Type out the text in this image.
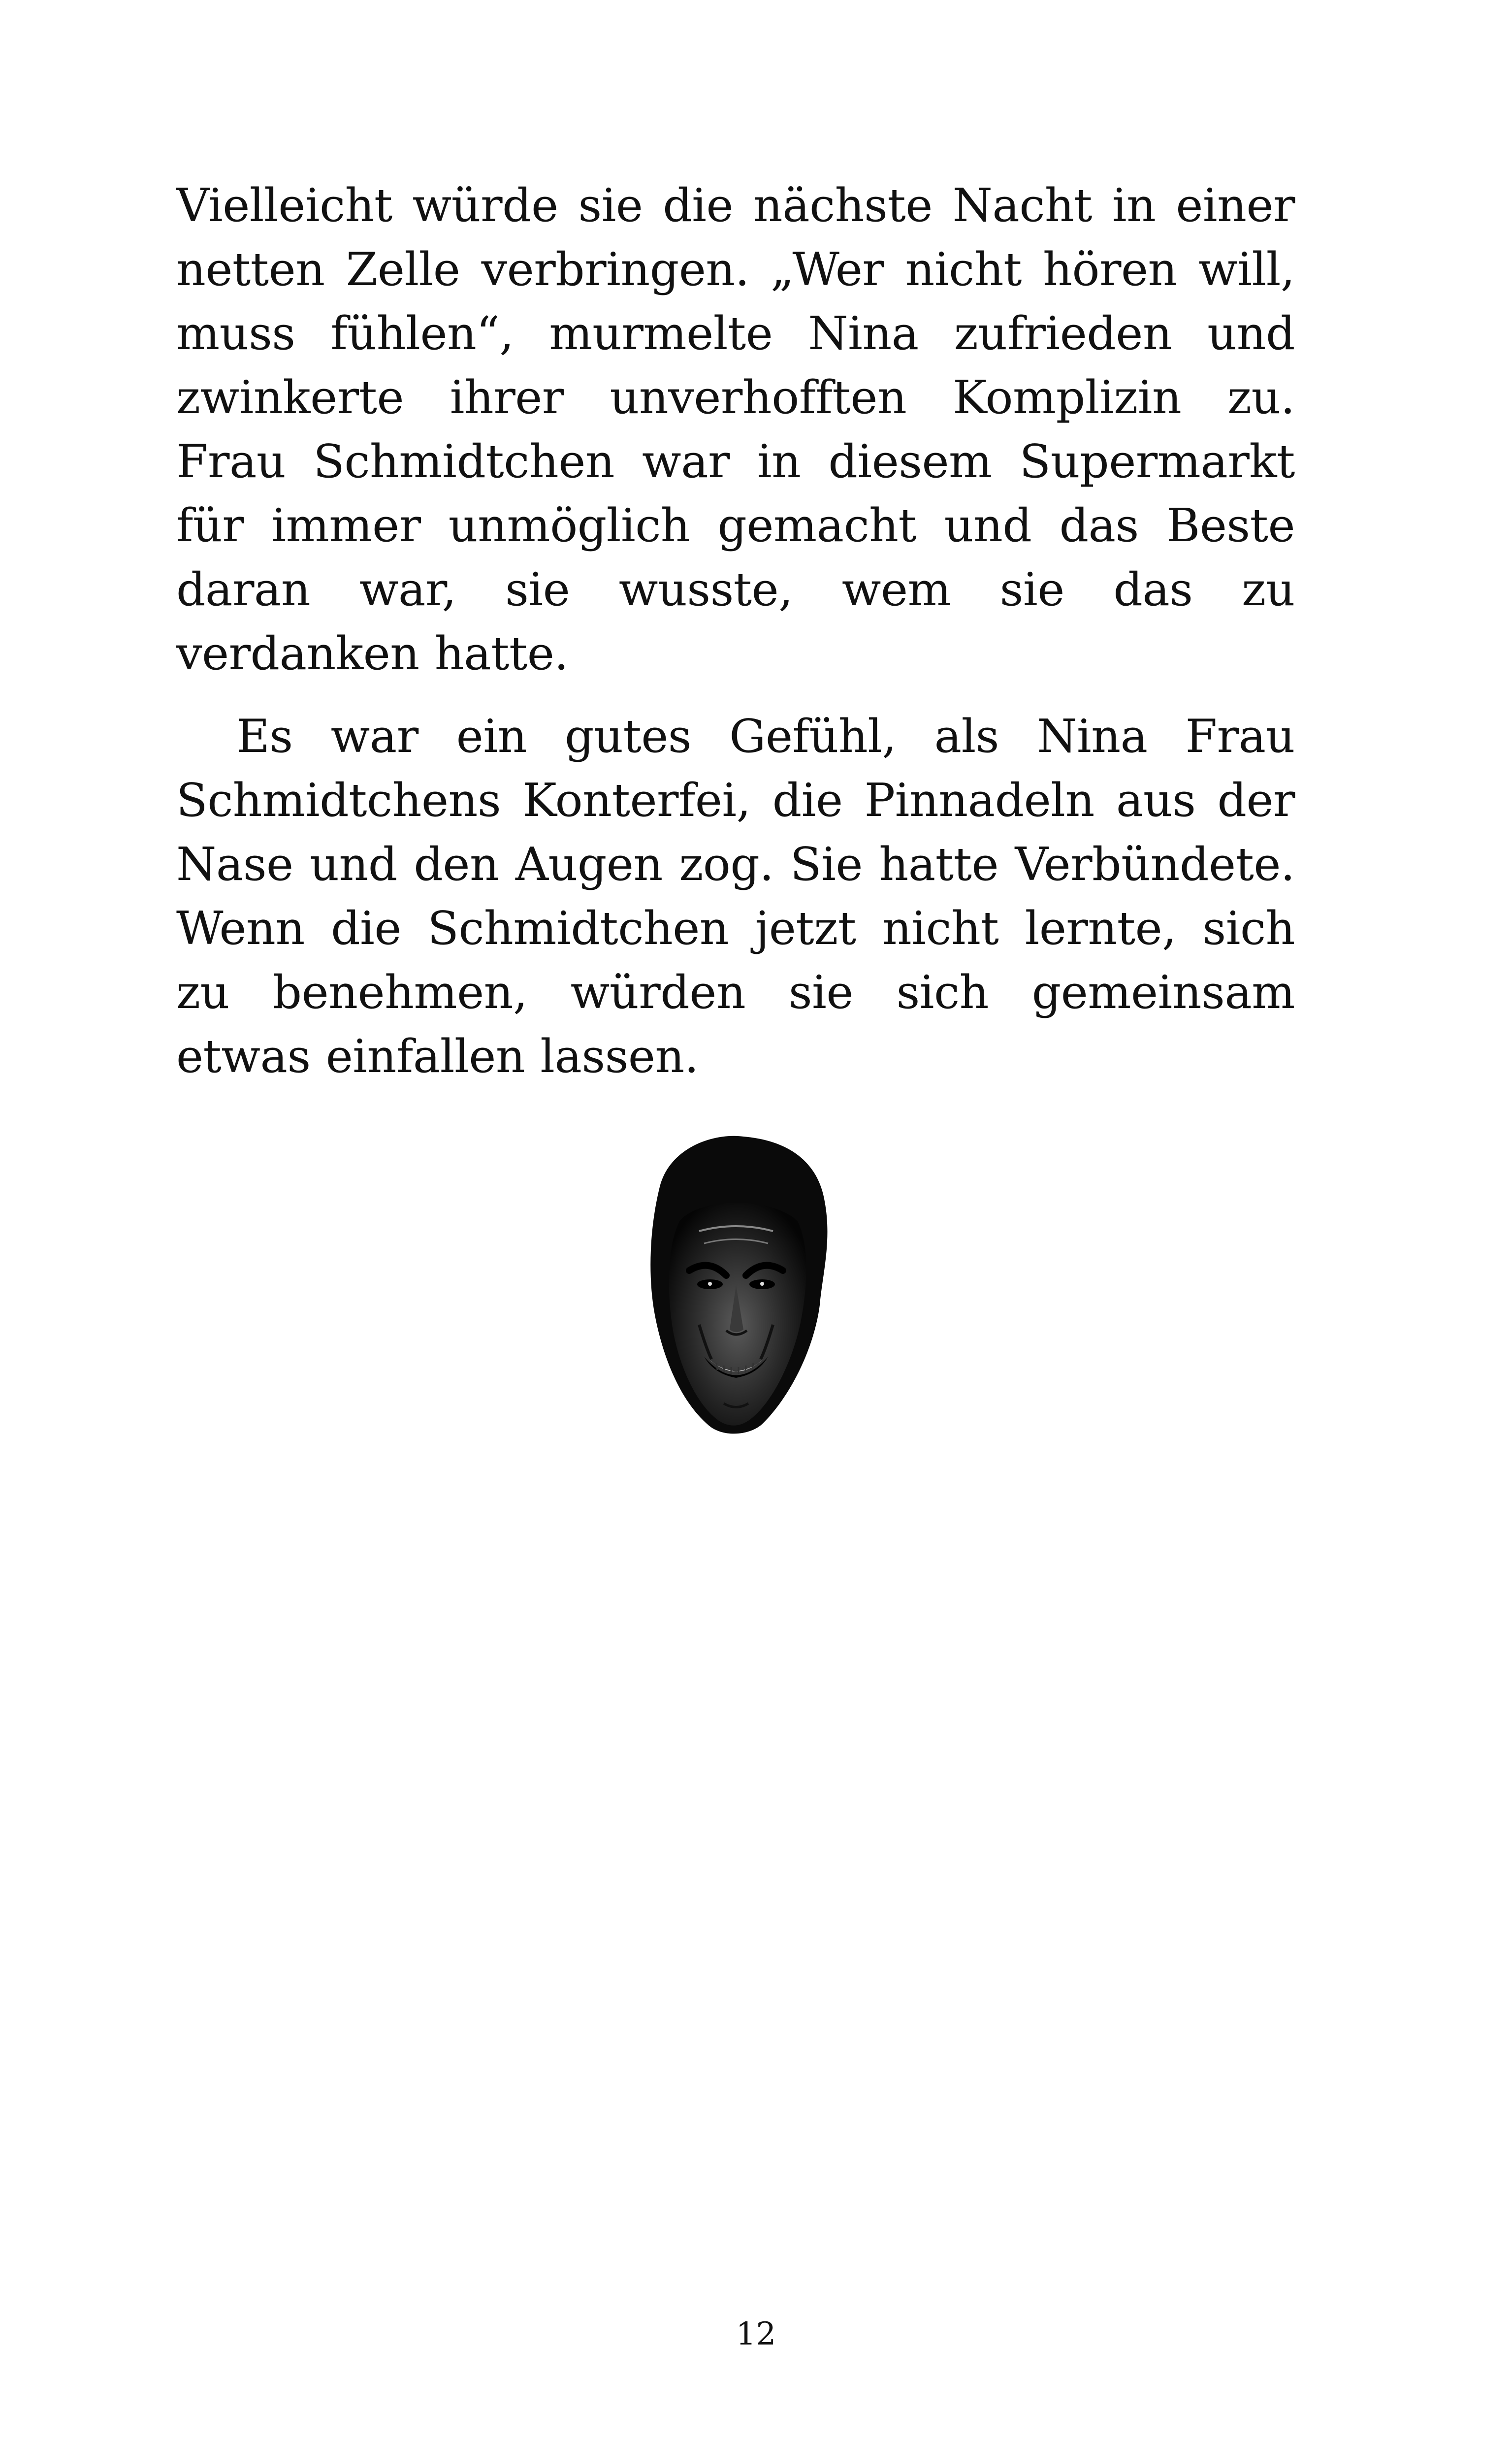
Vielleicht würde sie die nächste Nacht in einer netten Zelle verbringen. „Wer nicht hören will, muss fühlen“, murmelte Nina zufrieden und zwinkerte ihrer unverhofften Komplizin zu. Frau Schmidtchen war in diesem Supermarkt für immer unmöglich gemacht und das Beste daran war, sie wusste, wem sie das zu verdanken hatte.

Es war ein gutes Gefühl, als Nina Frau Schmidtchens Konterfei, die Pinnadeln aus der Nase und den Augen zog. Sie hatte Verbündete. Wenn die Schmidtchen jetzt nicht lernte, sich zu benehmen, würden sie sich gemeinsam etwas einfallen lassen.

12
